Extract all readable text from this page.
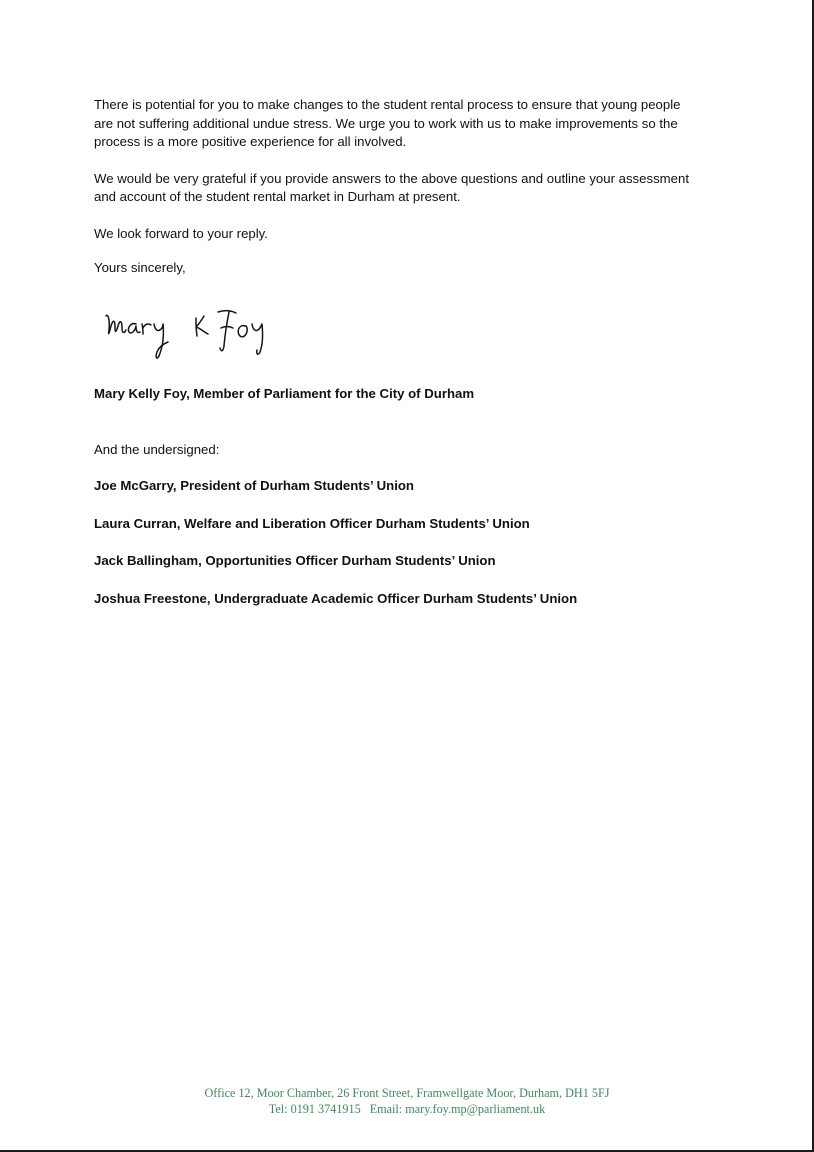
There is potential for you to make changes to the student rental process to ensure that young people are not suffering additional undue stress. We urge you to work with us to make improvements so the process is a more positive experience for all involved.

We would be very grateful if you provide answers to the above questions and outline your assessment and account of the student rental market in Durham at present.

We look forward to your reply.

Yours sincerely,

Mary Kelly Foy, Member of Parliament for the City of Durham
And the undersigned:
Joe McGarry, President of Durham Students’ Union
Laura Curran, Welfare and Liberation Officer Durham Students’ Union
Jack Ballingham, Opportunities Officer Durham Students’ Union
Joshua Freestone, Undergraduate Academic Officer Durham Students’ Union
Office 12, Moor Chamber, 26 Front Street, Framwellgate Moor, Durham, DH1 5FJ
Tel: 0191 3741915 Email: mary.foy.mp@parliament.uk
